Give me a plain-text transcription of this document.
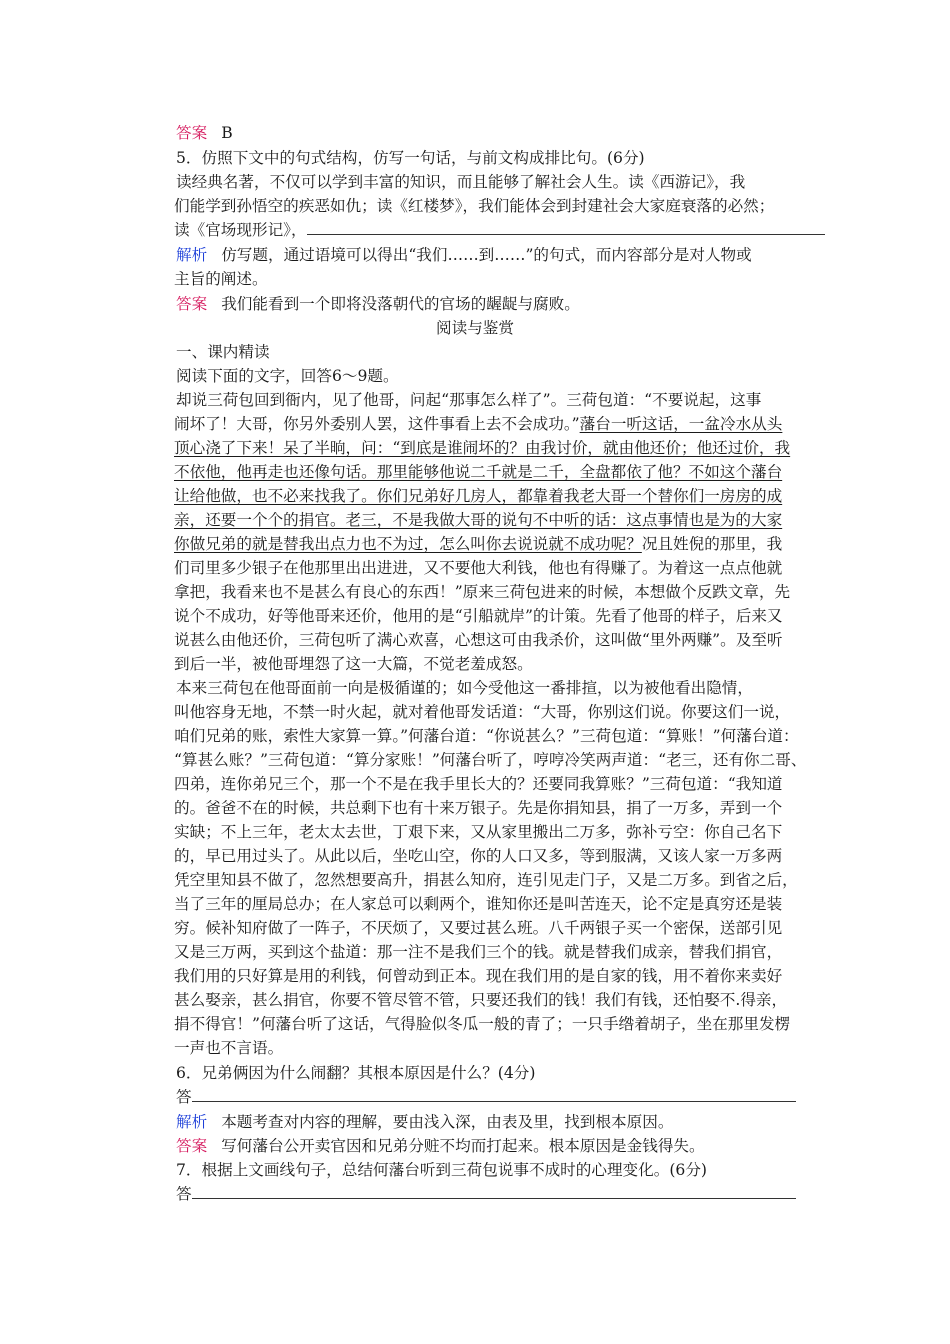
答案 B
5．仿照下文中的句式结构，仿写一句话，与前文构成排比句。(6分)
读经典名著，不仅可以学到丰富的知识，而且能够了解社会人生。读《西游记》，我
们能学到孙悟空的疾恶如仇；读《红楼梦》，我们能体会到封建社会大家庭衰落的必然；
读《官场现形记》，
解析 仿写题，通过语境可以得出“我们……到……”的句式，而内容部分是对人物或
主旨的阐述。
答案 我们能看到一个即将没落朝代的官场的龌龊与腐败。
阅读与鉴赏
一、课内精读
阅读下面的文字，回答6～9题。
却说三荷包回到衙内，见了他哥，问起“那事怎么样了”。三荷包道：“不要说起，这事
闹坏了！大哥，你另外委别人罢，这件事看上去不会成功。”藩台一听这话，一盆冷水从头
顶心浇了下来！呆了半晌，问：“到底是谁闹坏的？由我讨价，就由他还价；他还过价，我
不依他，他再走也还像句话。那里能够他说二千就是二千，全盘都依了他？不如这个藩台
让给他做，也不必来找我了。你们兄弟好几房人，都靠着我老大哥一个替你们一房房的成
亲，还要一个个的捐官。老三，不是我做大哥的说句不中听的话：这点事情也是为的大家
你做兄弟的就是替我出点力也不为过，怎么叫你去说说就不成功呢？况且姓倪的那里，我
们司里多少银子在他那里出出进进，又不要他大利钱，他也有得赚了。为着这一点点他就
拿把，我看来也不是甚么有良心的东西！”原来三荷包进来的时候，本想做个反跌文章，先
说个不成功，好等他哥来还价，他用的是“引船就岸”的计策。先看了他哥的样子，后来又
说甚么由他还价，三荷包听了满心欢喜，心想这可由我杀价，这叫做“里外两赚”。及至听
到后一半，被他哥埋怨了这一大篇，不觉老羞成怒。
本来三荷包在他哥面前一向是极循谨的；如今受他这一番排揎，以为被他看出隐情，
叫他容身无地，不禁一时火起，就对着他哥发话道：“大哥，你别这们说。你要这们一说，
咱们兄弟的账，索性大家算一算。”何藩台道：“你说甚么？”三荷包道：“算账！”何藩台道：
“算甚么账？”三荷包道：“算分家账！”何藩台听了，哼哼冷笑两声道：“老三，还有你二哥、
四弟，连你弟兄三个，那一个不是在我手里长大的？还要同我算账？”三荷包道：“我知道
的。爸爸不在的时候，共总剩下也有十来万银子。先是你捐知县，捐了一万多，弄到一个
实缺；不上三年，老太太去世，丁艰下来，又从家里搬出二万多，弥补亏空：你自己名下
的，早已用过头了。从此以后，坐吃山空，你的人口又多，等到服满，又该人家一万多两
凭空里知县不做了，忽然想要高升，捐甚么知府，连引见走门子，又是二万多。到省之后，
当了三年的厘局总办；在人家总可以剩两个，谁知你还是叫苦连天，论不定是真穷还是装
穷。候补知府做了一阵子，不厌烦了，又要过甚么班。八千两银子买一个密保，送部引见
又是三万两，买到这个盐道：那一注不是我们三个的钱。就是替我们成亲，替我们捐官，
我们用的只好算是用的利钱，何曾动到正本。现在我们用的是自家的钱，用不着你来卖好
甚么娶亲，甚么捐官，你要不管尽管不管，只要还我们的钱！我们有钱，还怕娶不.得亲，
捐不得官！”何藩台听了这话，气得脸似冬瓜一般的青了；一只手绺着胡子，坐在那里发楞
一声也不言语。
6．兄弟俩因为什么闹翻？其根本原因是什么？(4分)
答
解析 本题考查对内容的理解，要由浅入深，由表及里，找到根本原因。
答案 写何藩台公开卖官因和兄弟分赃不均而打起来。根本原因是金钱得失。
7．根据上文画线句子，总结何藩台听到三荷包说事不成时的心理变化。(6分)
答
